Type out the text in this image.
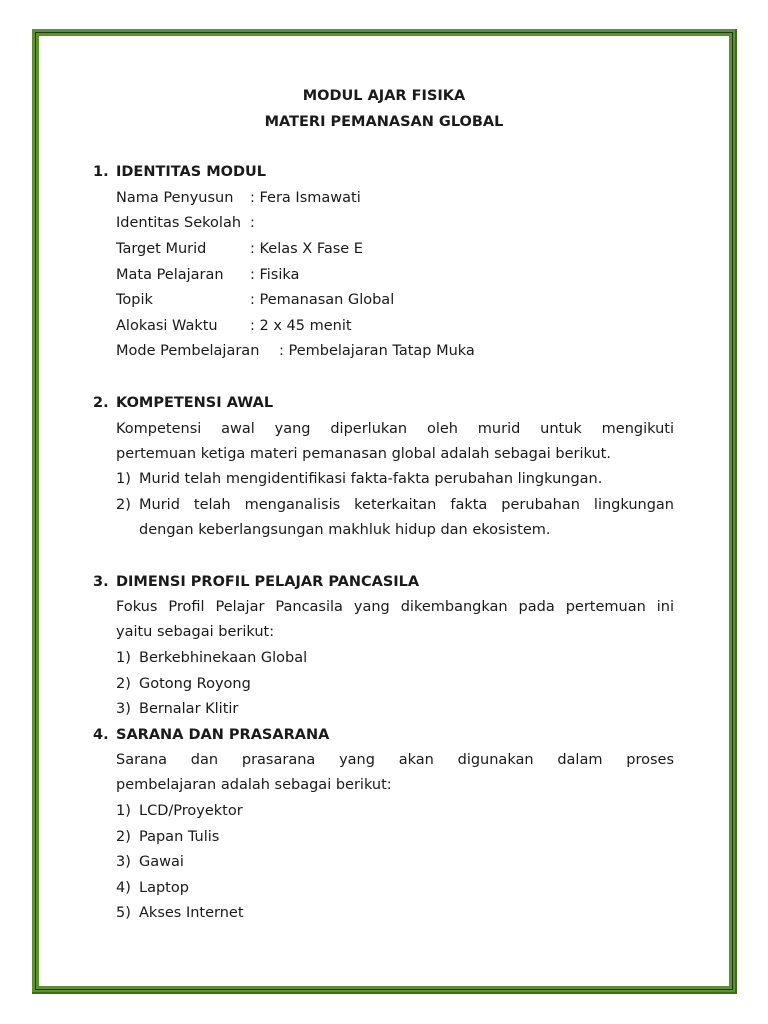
MODUL AJAR FISIKA
MATERI PEMANASAN GLOBAL
1. IDENTITAS MODUL
Nama Penyusun : Fera Ismawati
Identitas Sekolah :
Target Murid	: Kelas X Fase E
Mata Pelajaran : Fisika
Topik	: Pemanasan Global
Alokasi Waktu : 2 x 45 menit
Mode Pembelajaran : Pembelajaran Tatap Muka
2. KOMPETENSI AWAL
Kompetensi awal yang diperlukan oleh murid untuk mengikuti
pertemuan ketiga materi pemanasan global adalah sebagai berikut.
1) Murid telah mengidentifikasi fakta-fakta perubahan lingkungan.
2) Murid telah menganalisis keterkaitan fakta perubahan lingkungan
dengan keberlangsungan makhluk hidup dan ekosistem.
3. DIMENSI PROFIL PELAJAR PANCASILA
Fokus Profil Pelajar Pancasila yang dikembangkan pada pertemuan ini
yaitu sebagai berikut:
1) Berkebhinekaan Global
2) Gotong Royong
3) Bernalar Klitir
4. SARANA DAN PRASARANA
Sarana dan prasarana yang akan digunakan dalam proses
pembelajaran adalah sebagai berikut:
1) LCD/Proyektor
2) Papan Tulis
3) Gawai
4) Laptop
5) Akses Internet
